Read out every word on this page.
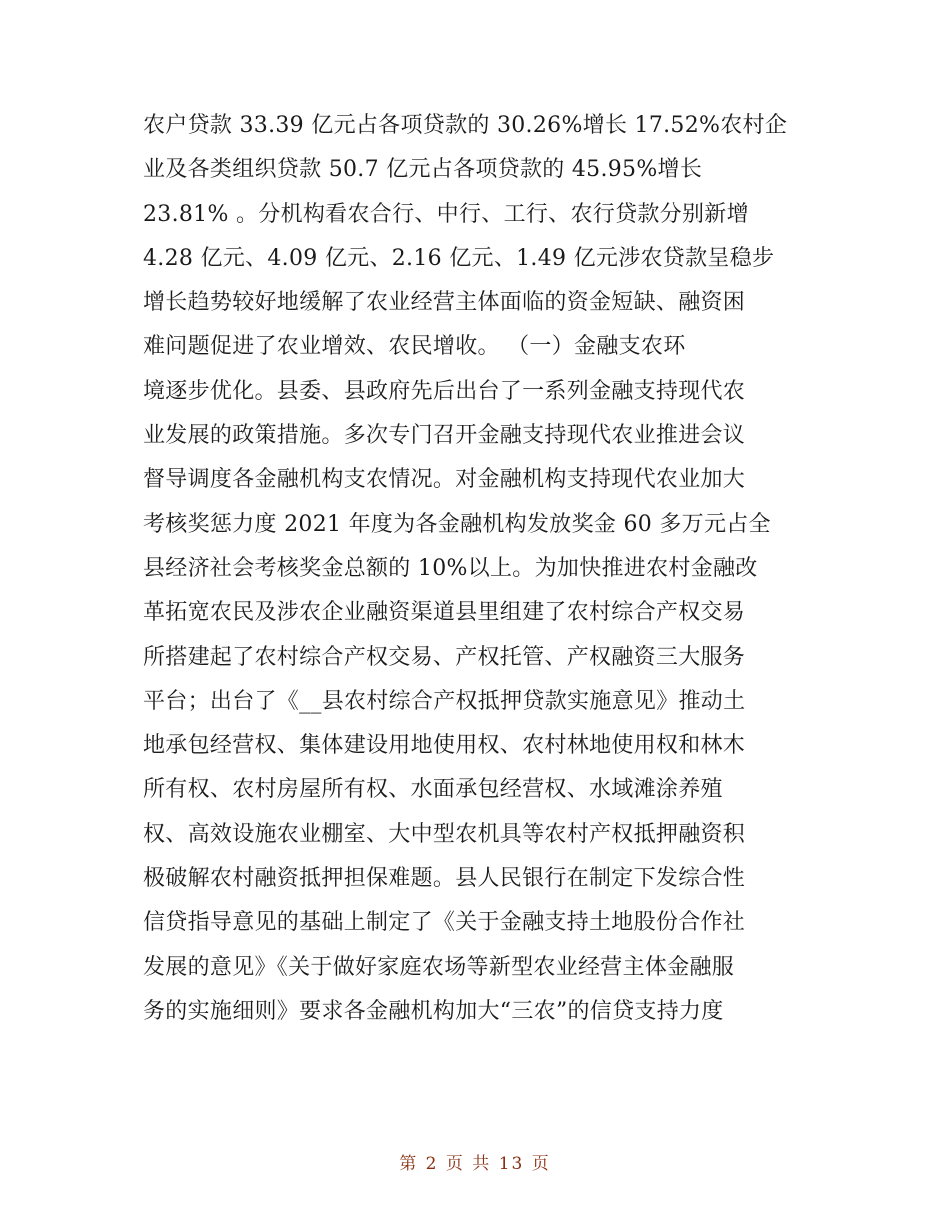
农户贷款 33.39 亿元占各项贷款的 30.26%增长 17.52%农村企
业及各类组织贷款 50.7 亿元占各项贷款的 45.95%增长
23.81% 。分机构看农合行、中行、工行、农行贷款分别新增
4.28 亿元、4.09 亿元、2.16 亿元、1.49 亿元涉农贷款呈稳步
增长趋势较好地缓解了农业经营主体面临的资金短缺、融资困
难问题促进了农业增效、农民增收。 （一）金融支农环
境逐步优化。县委、县政府先后出台了一系列金融支持现代农
业发展的政策措施。多次专门召开金融支持现代农业推进会议
督导调度各金融机构支农情况。对金融机构支持现代农业加大
考核奖惩力度 2021 年度为各金融机构发放奖金 60 多万元占全
县经济社会考核奖金总额的 10%以上。为加快推进农村金融改
革拓宽农民及涉农企业融资渠道县里组建了农村综合产权交易
所搭建起了农村综合产权交易、产权托管、产权融资三大服务
平台；出台了《__县农村综合产权抵押贷款实施意见》推动土
地承包经营权、集体建设用地使用权、农村林地使用权和林木
所有权、农村房屋所有权、水面承包经营权、水域滩涂养殖
权、高效设施农业棚室、大中型农机具等农村产权抵押融资积
极破解农村融资抵押担保难题。县人民银行在制定下发综合性
信贷指导意见的基础上制定了《关于金融支持土地股份合作社
发展的意见》《关于做好家庭农场等新型农业经营主体金融服
务的实施细则》要求各金融机构加大“三农”的信贷支持力度
第 2 页 共 13 页
